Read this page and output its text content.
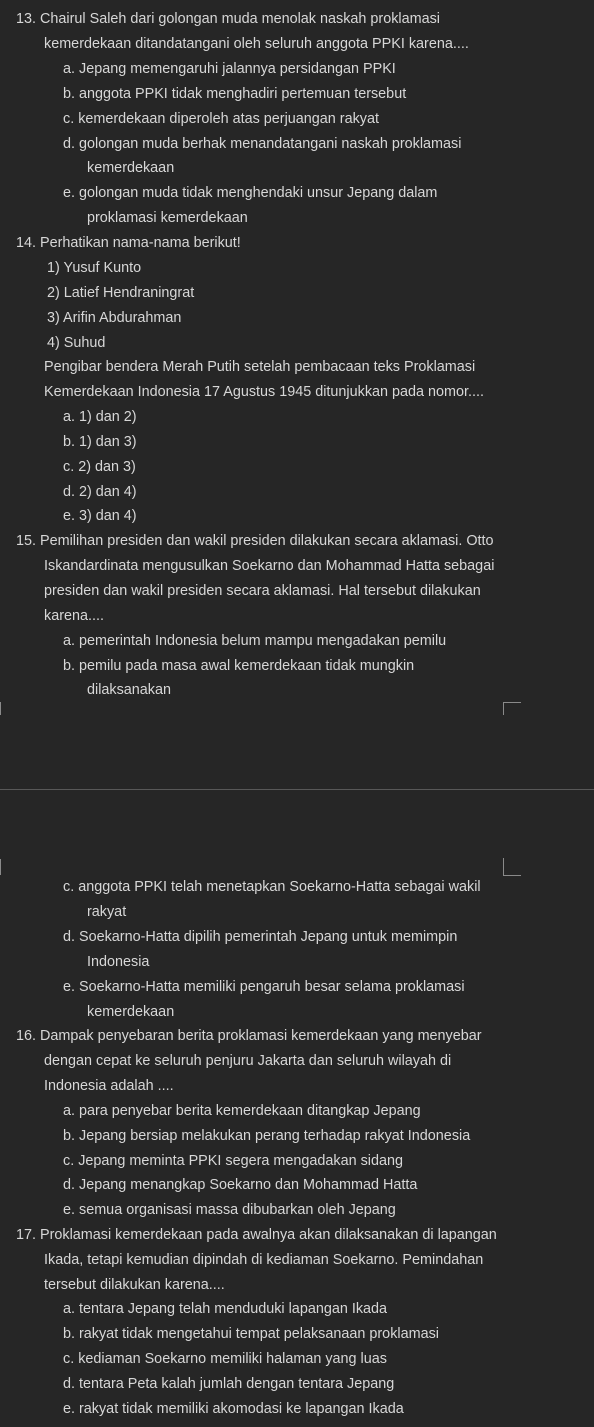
13. Chairul Saleh dari golongan muda menolak naskah proklamasi
kemerdekaan ditandatangani oleh seluruh anggota PPKI karena....
a. Jepang memengaruhi jalannya persidangan PPKI
b. anggota PPKI tidak menghadiri pertemuan tersebut
c. kemerdekaan diperoleh atas perjuangan rakyat
d. golongan muda berhak menandatangani naskah proklamasi
kemerdekaan
e. golongan muda tidak menghendaki unsur Jepang dalam
proklamasi kemerdekaan
14. Perhatikan nama-nama berikut!
1) Yusuf Kunto
2) Latief Hendraningrat
3) Arifin Abdurahman
4) Suhud
Pengibar bendera Merah Putih setelah pembacaan teks Proklamasi
Kemerdekaan Indonesia 17 Agustus 1945 ditunjukkan pada nomor....
a. 1) dan 2)
b. 1) dan 3)
c. 2) dan 3)
d. 2) dan 4)
e. 3) dan 4)
15. Pemilihan presiden dan wakil presiden dilakukan secara aklamasi. Otto
Iskandardinata mengusulkan Soekarno dan Mohammad Hatta sebagai
presiden dan wakil presiden secara aklamasi. Hal tersebut dilakukan
karena....
a. pemerintah Indonesia belum mampu mengadakan pemilu
b. pemilu pada masa awal kemerdekaan tidak mungkin
dilaksanakan
c. anggota PPKI telah menetapkan Soekarno-Hatta sebagai wakil
rakyat
d. Soekarno-Hatta dipilih pemerintah Jepang untuk memimpin
Indonesia
e. Soekarno-Hatta memiliki pengaruh besar selama proklamasi
kemerdekaan
16. Dampak penyebaran berita proklamasi kemerdekaan yang menyebar
dengan cepat ke seluruh penjuru Jakarta dan seluruh wilayah di
Indonesia adalah ....
a. para penyebar berita kemerdekaan ditangkap Jepang
b. Jepang bersiap melakukan perang terhadap rakyat Indonesia
c. Jepang meminta PPKI segera mengadakan sidang
d. Jepang menangkap Soekarno dan Mohammad Hatta
e. semua organisasi massa dibubarkan oleh Jepang
17. Proklamasi kemerdekaan pada awalnya akan dilaksanakan di lapangan
Ikada, tetapi kemudian dipindah di kediaman Soekarno. Pemindahan
tersebut dilakukan karena....
a. tentara Jepang telah menduduki lapangan Ikada
b. rakyat tidak mengetahui tempat pelaksanaan proklamasi
c. kediaman Soekarno memiliki halaman yang luas
d. tentara Peta kalah jumlah dengan tentara Jepang
e. rakyat tidak memiliki akomodasi ke lapangan Ikada
